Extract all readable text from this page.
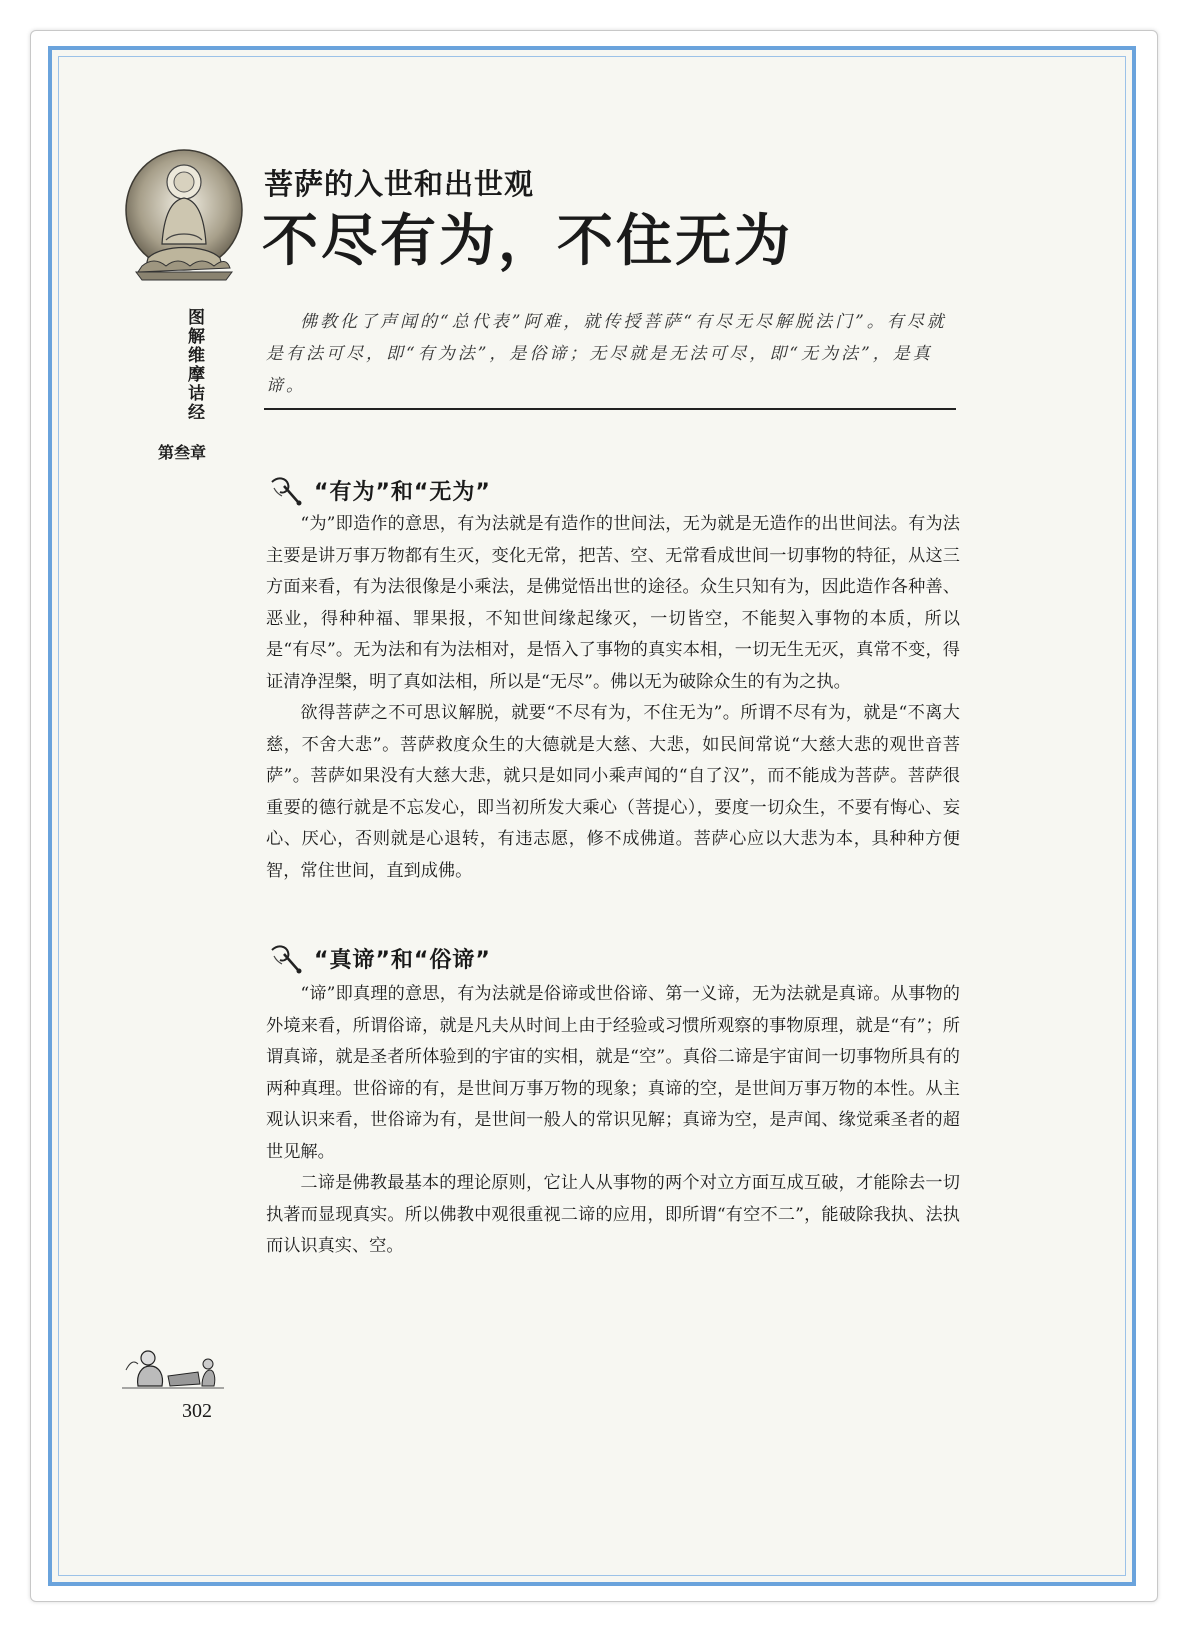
图解维摩诘经
第叁章
菩萨的入世和出世观
不尽有为，不住无为
佛教化了声闻的“总代表”阿难，就传授菩萨“有尽无尽解脱法门”。有尽就是有法可尽，即“有为法”，是俗谛；无尽就是无法可尽，即“无为法”，是真谛。
“有为”和“无为”

“为”即造作的意思，有为法就是有造作的世间法，无为就是无造作的出世间法。有为法主要是讲万事万物都有生灭，变化无常，把苦、空、无常看成世间一切事物的特征，从这三方面来看，有为法很像是小乘法，是佛觉悟出世的途径。众生只知有为，因此造作各种善、恶业，得种种福、罪果报，不知世间缘起缘灭，一切皆空，不能契入事物的本质，所以是“有尽”。无为法和有为法相对，是悟入了事物的真实本相，一切无生无灭，真常不变，得证清净涅槃，明了真如法相，所以是“无尽”。佛以无为破除众生的有为之执。

欲得菩萨之不可思议解脱，就要“不尽有为，不住无为”。所谓不尽有为，就是“不离大慈，不舍大悲”。菩萨救度众生的大德就是大慈、大悲，如民间常说“大慈大悲的观世音菩萨”。菩萨如果没有大慈大悲，就只是如同小乘声闻的“自了汉”，而不能成为菩萨。菩萨很重要的德行就是不忘发心，即当初所发大乘心（菩提心），要度一切众生，不要有悔心、妄心、厌心，否则就是心退转，有违志愿，修不成佛道。菩萨心应以大悲为本，具种种方便智，常住世间，直到成佛。

“真谛”和“俗谛”

“谛”即真理的意思，有为法就是俗谛或世俗谛、第一义谛，无为法就是真谛。从事物的外境来看，所谓俗谛，就是凡夫从时间上由于经验或习惯所观察的事物原理，就是“有”；所谓真谛，就是圣者所体验到的宇宙的实相，就是“空”。真俗二谛是宇宙间一切事物所具有的两种真理。世俗谛的有，是世间万事万物的现象；真谛的空，是世间万事万物的本性。从主观认识来看，世俗谛为有，是世间一般人的常识见解；真谛为空，是声闻、缘觉乘圣者的超世见解。

二谛是佛教最基本的理论原则，它让人从事物的两个对立方面互成互破，才能除去一切执著而显现真实。所以佛教中观很重视二谛的应用，即所谓“有空不二”，能破除我执、法执而认识真实、空。

302
